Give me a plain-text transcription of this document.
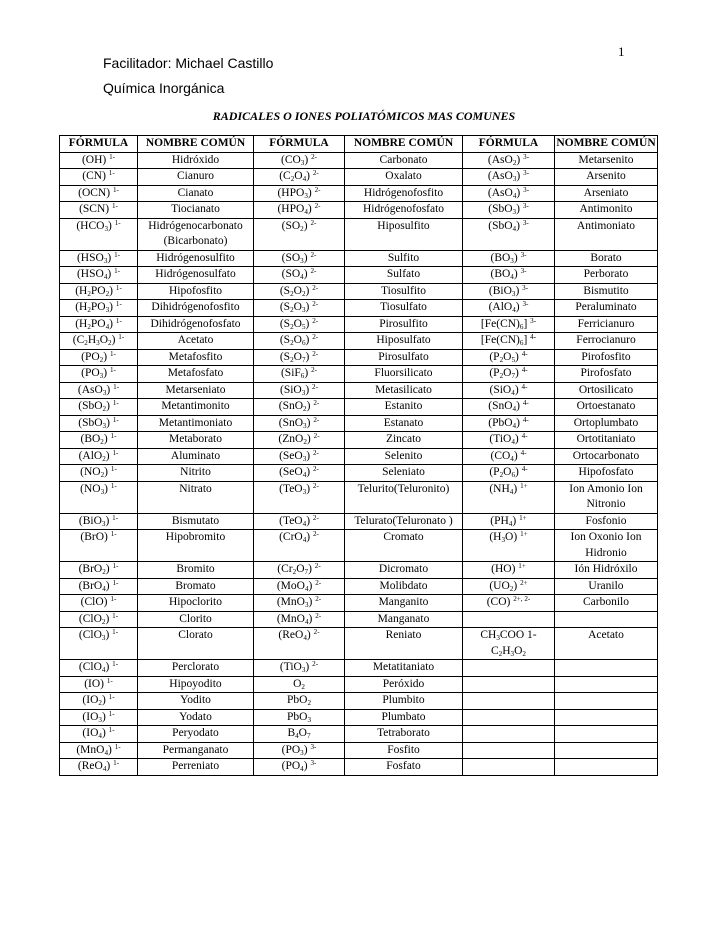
1
Facilitador: Michael Castillo
Química Inorgánica
RADICALES O IONES POLIATÓMICOS MAS COMUNES
FÓRMULA	NOMBRE COMÚN	FÓRMULA	NOMBRE COMÚN	FÓRMULA	NOMBRE COMÚN
(OH) $^{1-}$	Hidróxido	$(CO_3)$ $^{2-}$	Carbonato	(AsO$_2$) $^{3-}$	Metarsenito
(CN) $^{1-}$	Cianuro	$(C_2O_4)$ $^{2-}$	Oxalato	(AsO$_3$) $^{3-}$	Arsenito
(OCN) $^{1-}$	Cianato	$(HPO_3)$ $^{2-}$	Hidrógenofosfito	(AsO$_4$) $^{3-}$	Arseniato
(SCN) $^{1-}$	Tiocianato	$(HPO_4)$ $^{2-}$	Hidrógenofosfato	(SbO$_3$) $^{3-}$	Antimonito
$(HCO_3)$ $^{1-}$	Hidrógenocarbonato (Bicarbonato)	$(SO_2)$ $^{2-}$	Hiposulfito	(SbO$_4$) $^{3-}$	Antimoniato
$(HSO_3)$ $^{1-}$	Hidrógenosulfito	$(SO_3)$ $^{2-}$	Sulfito	$(BO_3)$ $^{3-}$	Borato
$(HSO_4)$ $^{1-}$	Hidrógenosulfato	$(SO_4)$ $^{2-}$	Sulfato	$(BO_4)$ $^{3-}$	Perborato
$(H_2PO_2)$ $^{1-}$	Hipofosfito	$(S_2O_2)$ $^{2-}$	Tiosulfito	(BiO$_3$) $^{3-}$	Bismutito
$(H_2PO_3)$ $^{1-}$	Dihidrógenofosfito	$(S_2O_3)$ $^{2-}$	Tiosulfato	(AlO$_4$) $^{3-}$	Peraluminato
$(H_2PO_4)$ $^{1-}$	Dihidrógenofosfato	$(S_2O_5)$ $^{2-}$	Pirosulfito	$[Fe(CN)_6]$ $^{3-}$	Ferricianuro
$(C_2H_3O_2)$ $^{1-}$	Acetato	$(S_2O_6)$ $^{2-}$	Hiposulfato	$[Fe(CN)_6]$ $^{4-}$	Ferrocianuro
$(PO_2)$ $^{1-}$	Metafosfito	$(S_2O_7)$ $^{2-}$	Pirosulfato	$(P_2O_5)$ $^{4-}$	Pirofosfito
$(PO_3)$ $^{1-}$	Metafosfato	(SiF$_6$) $^{2-}$	Fluorsilicato	$(P_2O_7)$ $^{4-}$	Pirofosfato
(AsO$_3$) $^{1-}$	Metarseniato	(SiO$_3$) $^{2-}$	Metasilicato	(SiO$_4$) $^{4-}$	Ortosilicato
(SbO$_2$) $^{1-}$	Metantimonito	(SnO$_2$) $^{2-}$	Estanito	(SnO$_4$) $^{4-}$	Ortoestanato
(SbO$_3$) $^{1-}$	Metantimoniato	(SnO$_3$) $^{2-}$	Estanato	(PbO$_4$) $^{4-}$	Ortoplumbato
$(BO_2)$ $^{1-}$	Metaborato	(ZnO$_2$) $^{2-}$	Zincato	(TiO$_4$) $^{4-}$	Ortotitaniato
(AlO$_2$) $^{1-}$	Aluminato	(SeO$_3$) $^{2-}$	Selenito	$(CO_4)$ $^{4-}$	Ortocarbonato
$(NO_2)$ $^{1-}$	Nitrito	(SeO$_4$) $^{2-}$	Seleniato	$(P_2O_6)$ $^{4-}$	Hipofosfato
$(NO_3)$ $^{1-}$	Nitrato	(TeO$_3$) $^{2-}$	Telurito(Teluronito)	$(NH_4)$ $^{1+}$	Ion Amonio Ion Nitronio
(BiO$_3$) $^{1-}$	Bismutato	(TeO$_4$) $^{2-}$	Telurato(Teluronato )	$(PH_4)$ $^{1+}$	Fosfonio
(BrO) $^{1-}$	Hipobromito	(CrO$_4$) $^{2-}$	Cromato	$(H_3O)$ $^{1+}$	Ion Oxonio Ion Hidronio
(BrO$_2$) $^{1-}$	Bromito	$(Cr_2O_7)$ $^{2-}$	Dicromato	(HO) $^{1+}$	Ión Hidróxilo
(BrO$_4$) $^{1-}$	Bromato	(MoO$_4$) $^{2-}$	Molibdato	$(UO_2)$ $^{2+}$	Uranilo
(ClO) $^{1-}$	Hipoclorito	(MnO$_3$) $^{2-}$	Manganito	(CO) $^{2+, 2-}$	Carbonilo
(ClO$_2$) $^{1-}$	Clorito	(MnO$_4$) $^{2-}$	Manganato		
(ClO$_3$) $^{1-}$	Clorato	(ReO$_4$) $^{2-}$	Reniato	$CH_3COO$ 1- $C_2H_3O_2$	Acetato
(ClO$_4$) $^{1-}$	Perclorato	(TiO$_3$) $^{2-}$	Metatitaniato		
(IO) $^{1-}$	Hipoyodito	$O_2$	Peróxido		
$(IO_2)$ $^{1-}$	Yodito	PbO$_2$	Plumbito		
$(IO_3)$ $^{1-}$	Yodato	PbO$_3$	Plumbato		
$(IO_4)$ $^{1-}$	Peryodato	$B_4O_7$	Tetraborato		
(MnO$_4$) $^{1-}$	Permanganato	$(PO_3)$ $^{3-}$	Fosfito		
(ReO$_4$) $^{1-}$	Perreniato	$(PO_4)$ $^{3-}$	Fosfato		
